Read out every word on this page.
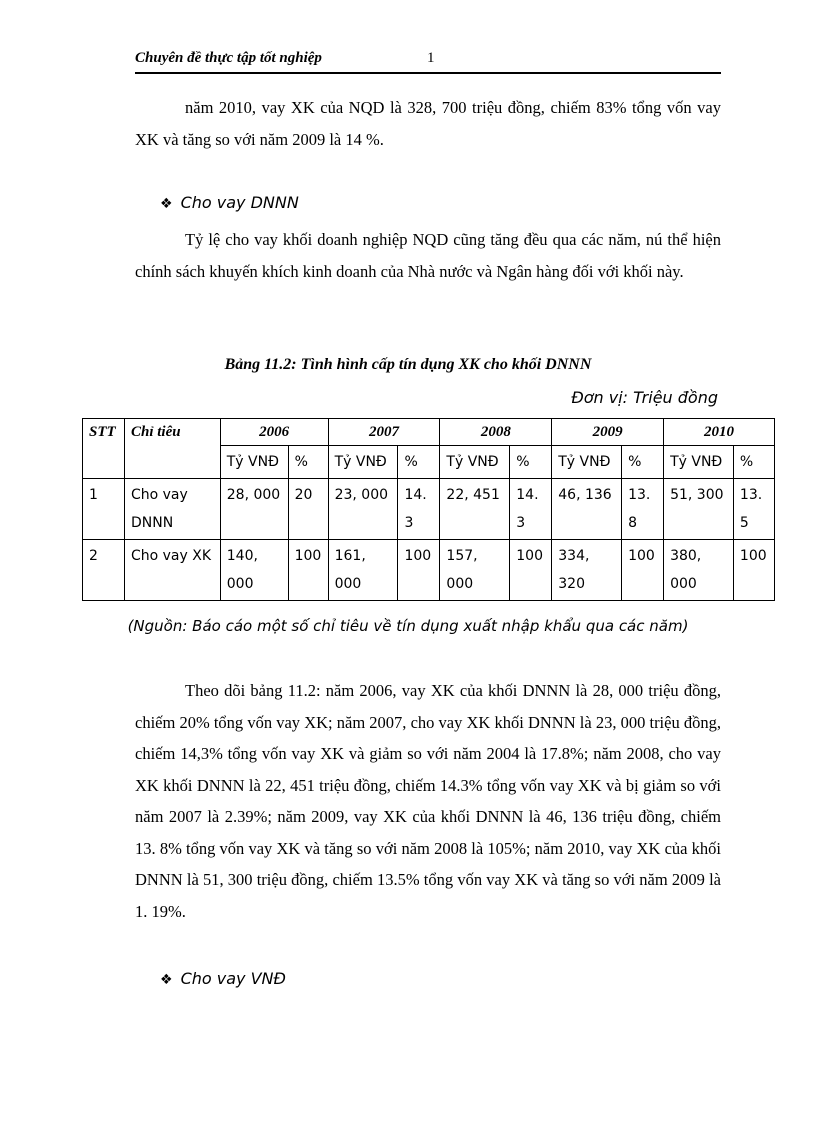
Chuyên đề thực tập tốt nghiệp	1

năm 2010, vay XK của NQD là 328, 700 triệu đồng, chiếm 83% tổng vốn vay XK và tăng so với năm 2009 là 14 %.

❖ Cho vay DNNN

Tỷ lệ cho vay khối doanh nghiệp NQD cũng tăng đều qua các năm, nú thể hiện chính sách khuyến khích kinh doanh của Nhà nước và Ngân hàng đối với khối này.

Bảng 11.2: Tình hình cấp tín dụng XK cho khối DNNN
Đơn vị: Triệu đồng
STT	Chỉ tiêu	2006		2007		2008		2009		2010	
		Tỷ VNĐ	%	Tỷ VNĐ	%	Tỷ VNĐ	%	Tỷ VNĐ	%	Tỷ VNĐ	%
1	Cho vay DNNN	28, 000	20	23, 000	14. 3	22, 451	14. 3	46, 136	13. 8	51, 300	13. 5
2	Cho vay XK	140, 000	100	161, 000	100	157, 000	100	334, 320	100	380, 000	100
(Nguồn: Báo cáo một số chỉ tiêu về tín dụng xuất nhập khẩu qua các năm)

Theo dõi bảng 11.2: năm 2006, vay XK của khối DNNN là 28, 000 triệu đồng, chiếm 20% tổng vốn vay XK; năm 2007, cho vay XK khối DNNN là 23, 000 triệu đồng, chiếm 14,3% tổng vốn vay XK và giảm so với năm 2004 là 17.8%; năm 2008, cho vay XK khối DNNN là 22, 451 triệu đồng, chiếm 14.3% tổng vốn vay XK và bị giảm so với năm 2007 là 2.39%; năm 2009, vay XK của khối DNNN là 46, 136 triệu đồng, chiếm 13. 8% tổng vốn vay XK và tăng so với năm 2008 là 105%; năm 2010, vay XK của khối DNNN là 51, 300 triệu đồng, chiếm 13.5% tổng vốn vay XK và tăng so với năm 2009 là 1. 19%.

❖ Cho vay VNĐ
